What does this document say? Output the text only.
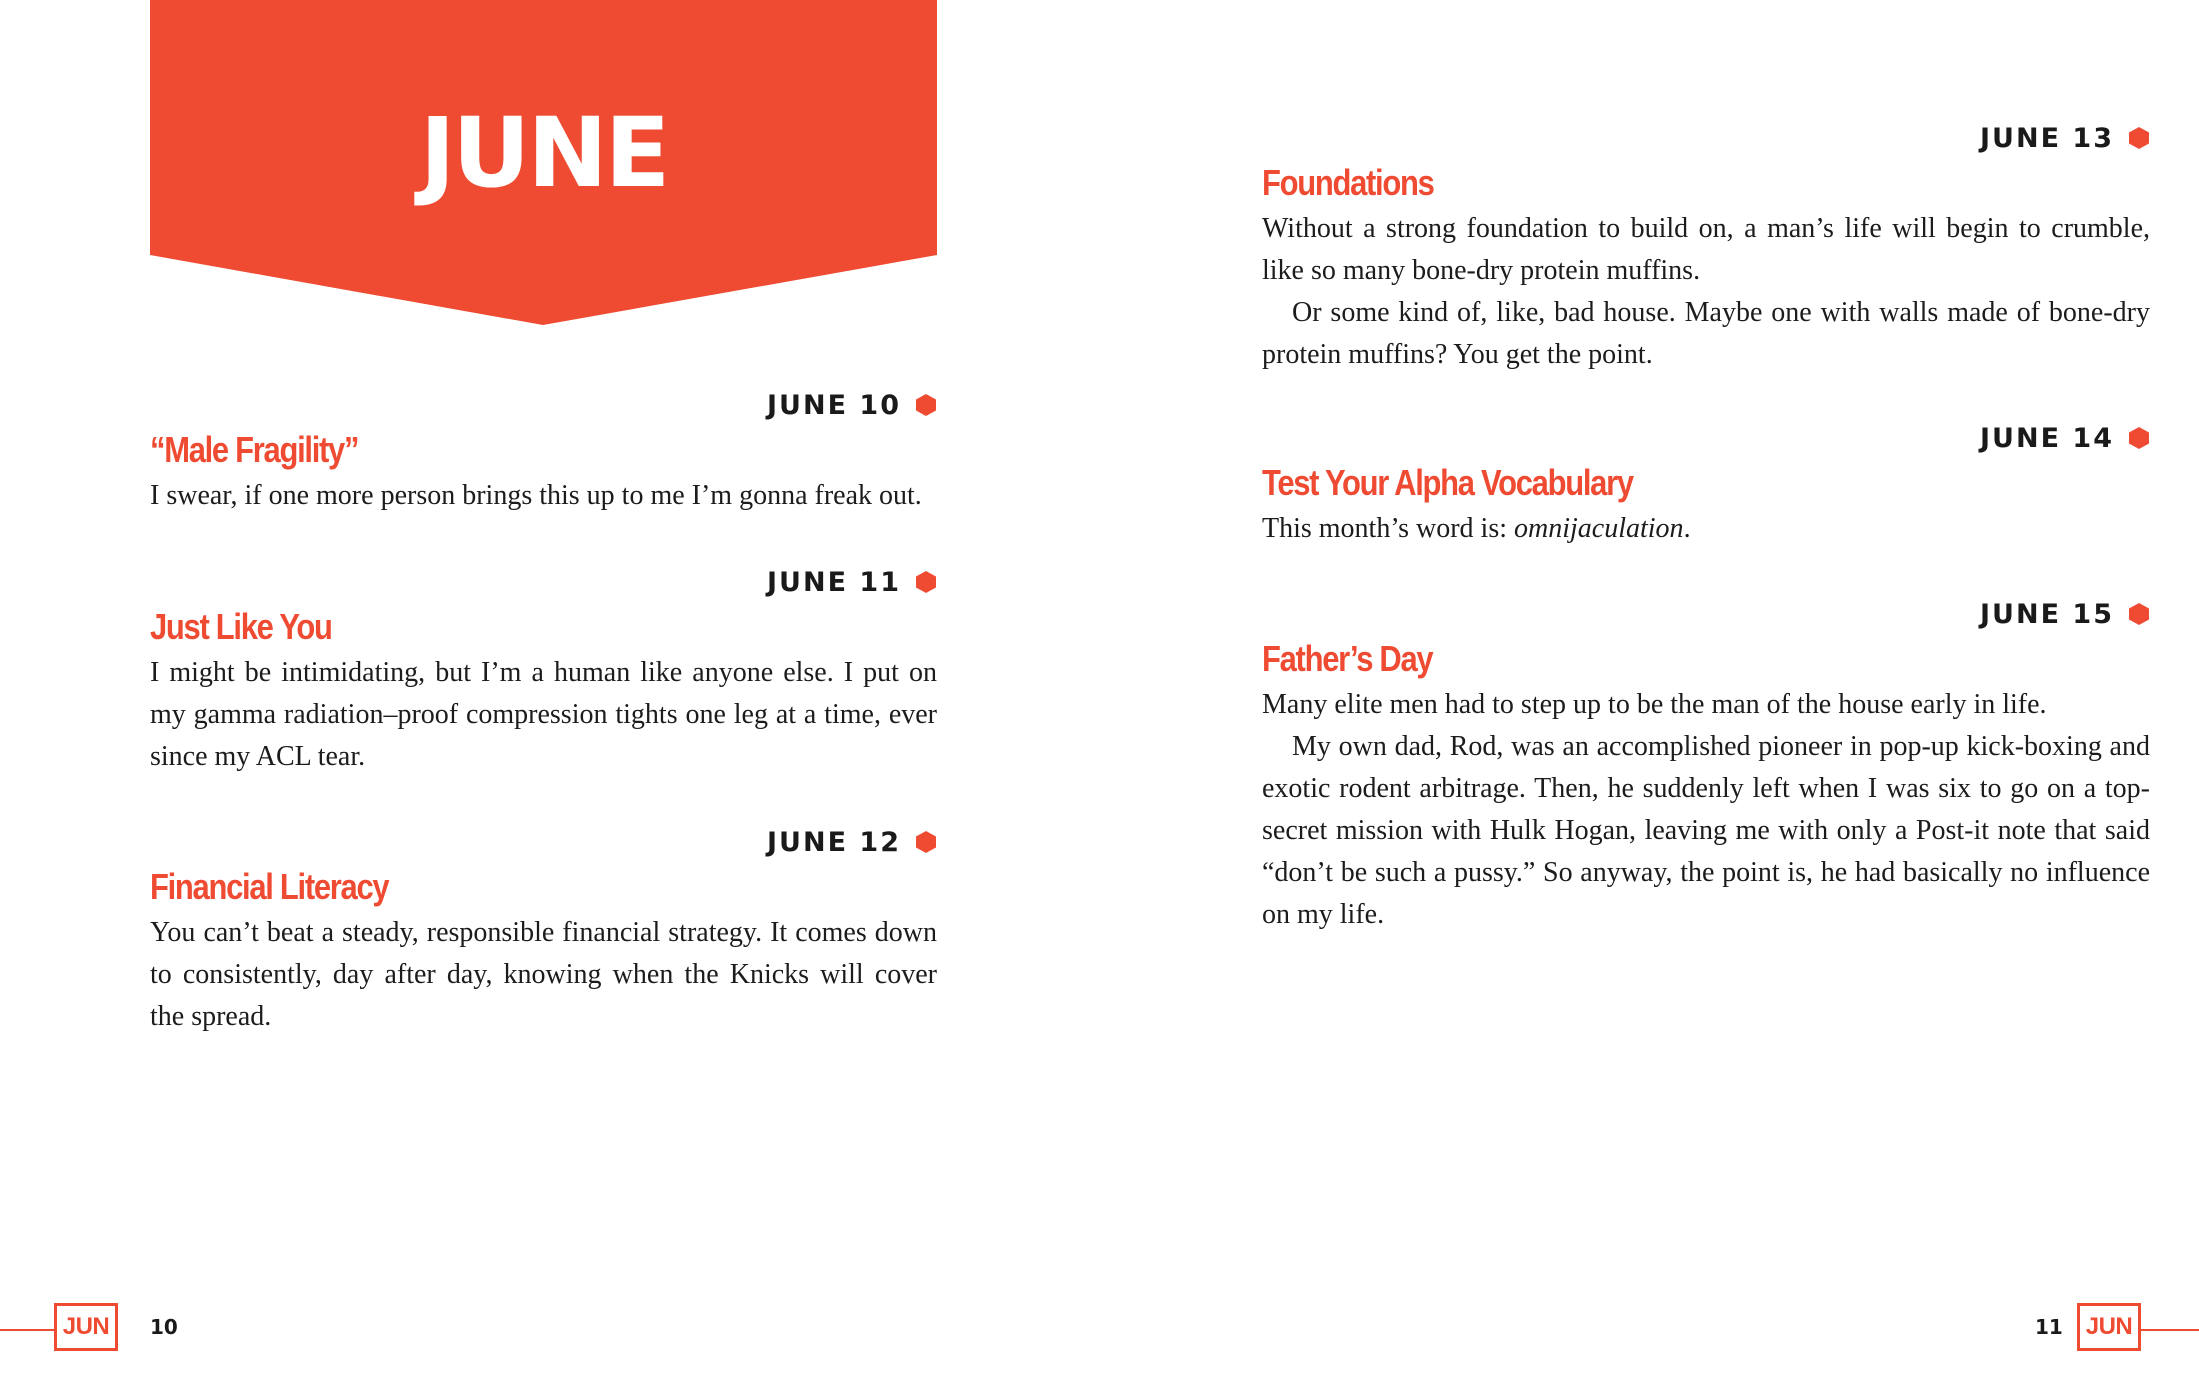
JUNE
JUNE 10
“Male Fragility”

I swear, if one more person brings this up to me I’m gonna freak out.

JUNE 11
Just Like You

I might be intimidating, but I’m a human like anyone else. I put on my gamma radiation–proof compression tights one leg at a time, ever since my ACL tear.

JUNE 12
Financial Literacy

You can’t beat a steady, responsible financial strategy. It comes down to consistently, day after day, knowing when the Knicks will cover the spread.

JUN 10
JUNE 13
Foundations

Without a strong foundation to build on, a man’s life will begin to crumble, like so many bone-dry protein muffins.

Or some kind of, like, bad house. Maybe one with walls made of bone-dry protein muffins? You get the point.

JUNE 14
Test Your Alpha Vocabulary

This month’s word is: omnijaculation.

JUNE 15
Father’s Day

Many elite men had to step up to be the man of the house early in life.

My own dad, Rod, was an accomplished pioneer in pop-up kick-boxing and exotic rodent arbitrage. Then, he suddenly left when I was six to go on a top-secret mission with Hulk Hogan, leaving me with only a Post-it note that said “don’t be such a pussy.” So anyway, the point is, he had basically no influence on my life.

11 JUN
